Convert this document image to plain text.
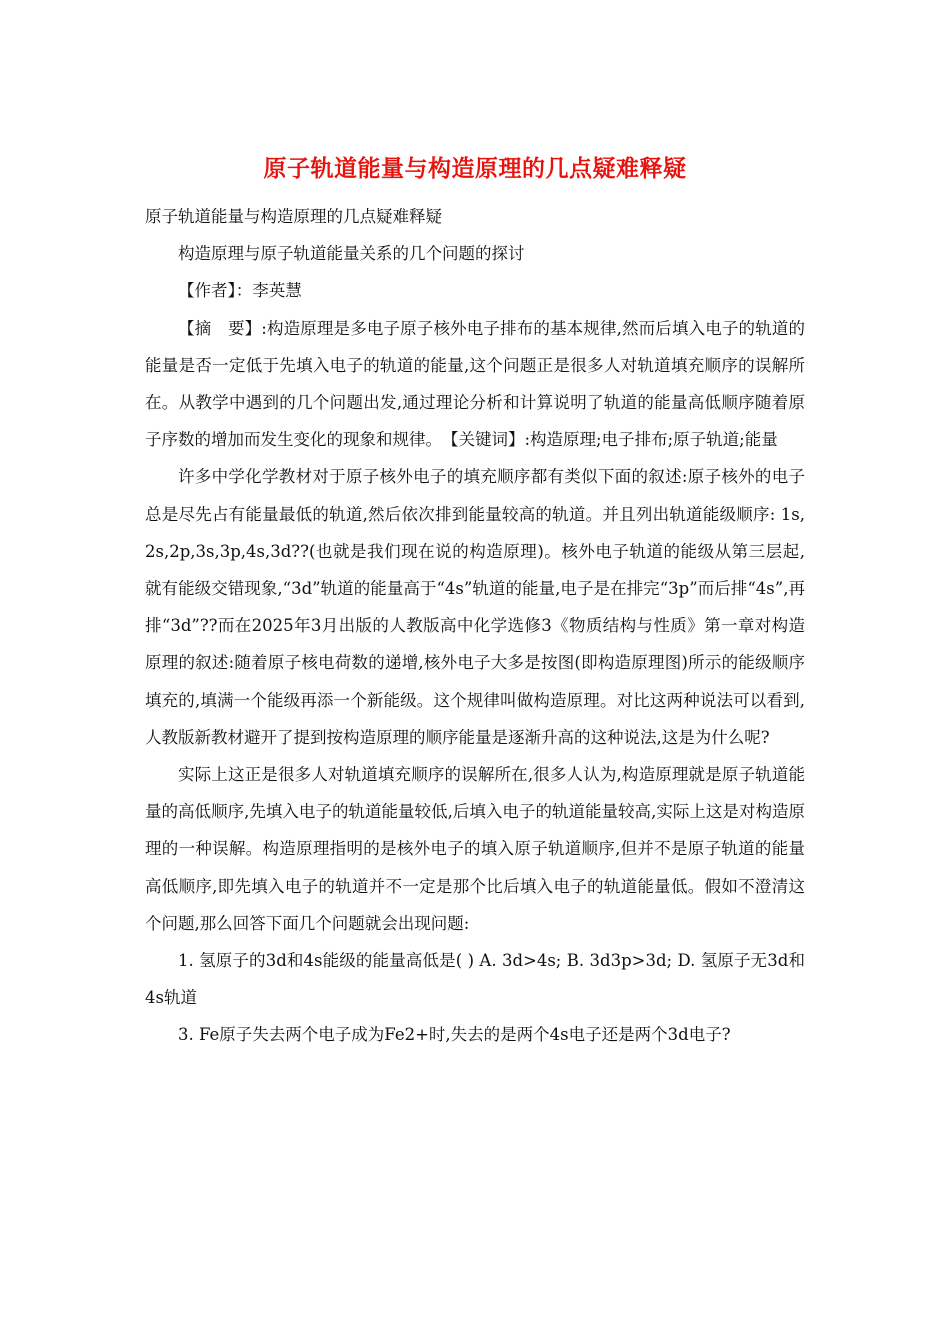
原子轨道能量与构造原理的几点疑难释疑

原子轨道能量与构造原理的几点疑难释疑

构造原理与原子轨道能量关系的几个问题的探讨

【作者】：李英慧

【摘　要】:构造原理是多电子原子核外电子排布的基本规律,然而后填入电子的轨道的能量是否一定低于先填入电子的轨道的能量,这个问题正是很多人对轨道填充顺序的误解所在。从教学中遇到的几个问题出发,通过理论分析和计算说明了轨道的能量高低顺序随着原子序数的增加而发生变化的现象和规律。　【关键词】:构造原理;电子排布;原子轨道;能量

许多中学化学教材对于原子核外电子的填充顺序都有类似下面的叙述:原子核外的电子总是尽先占有能量最低的轨道,然后依次排到能量较高的轨道。并且列出轨道能级顺序: 1s,2s,2p,3s,3p,4s,3d??(也就是我们现在说的构造原理)。核外电子轨道的能级从第三层起,就有能级交错现象,“3d”轨道的能量高于“4s”轨道的能量,电子是在排完“3p”而后排“4s”,再排“3d”??而在2025年3月出版的人教版高中化学选修3《物质结构与性质》第一章对构造原理的叙述:随着原子核电荷数的递增,核外电子大多是按图(即构造原理图)所示的能级顺序填充的,填满一个能级再添一个新能级。这个规律叫做构造原理。对比这两种说法可以看到,人教版新教材避开了提到按构造原理的顺序能量是逐渐升高的这种说法,这是为什么呢?

实际上这正是很多人对轨道填充顺序的误解所在,很多人认为,构造原理就是原子轨道能量的高低顺序,先填入电子的轨道能量较低,后填入电子的轨道能量较高,实际上这是对构造原理的一种误解。构造原理指明的是核外电子的填入原子轨道顺序,但并不是原子轨道的能量高低顺序,即先填入电子的轨道并不一定是那个比后填入电子的轨道能量低。假如不澄清这个问题,那么回答下面几个问题就会出现问题:

1. 氢原子的3d和4s能级的能量高低是( ) A. 3d>4s; B. 3d3p>3d; D. 氢原子无3d和4s轨道

3. Fe原子失去两个电子成为Fe2+时,失去的是两个4s电子还是两个3d电子?
